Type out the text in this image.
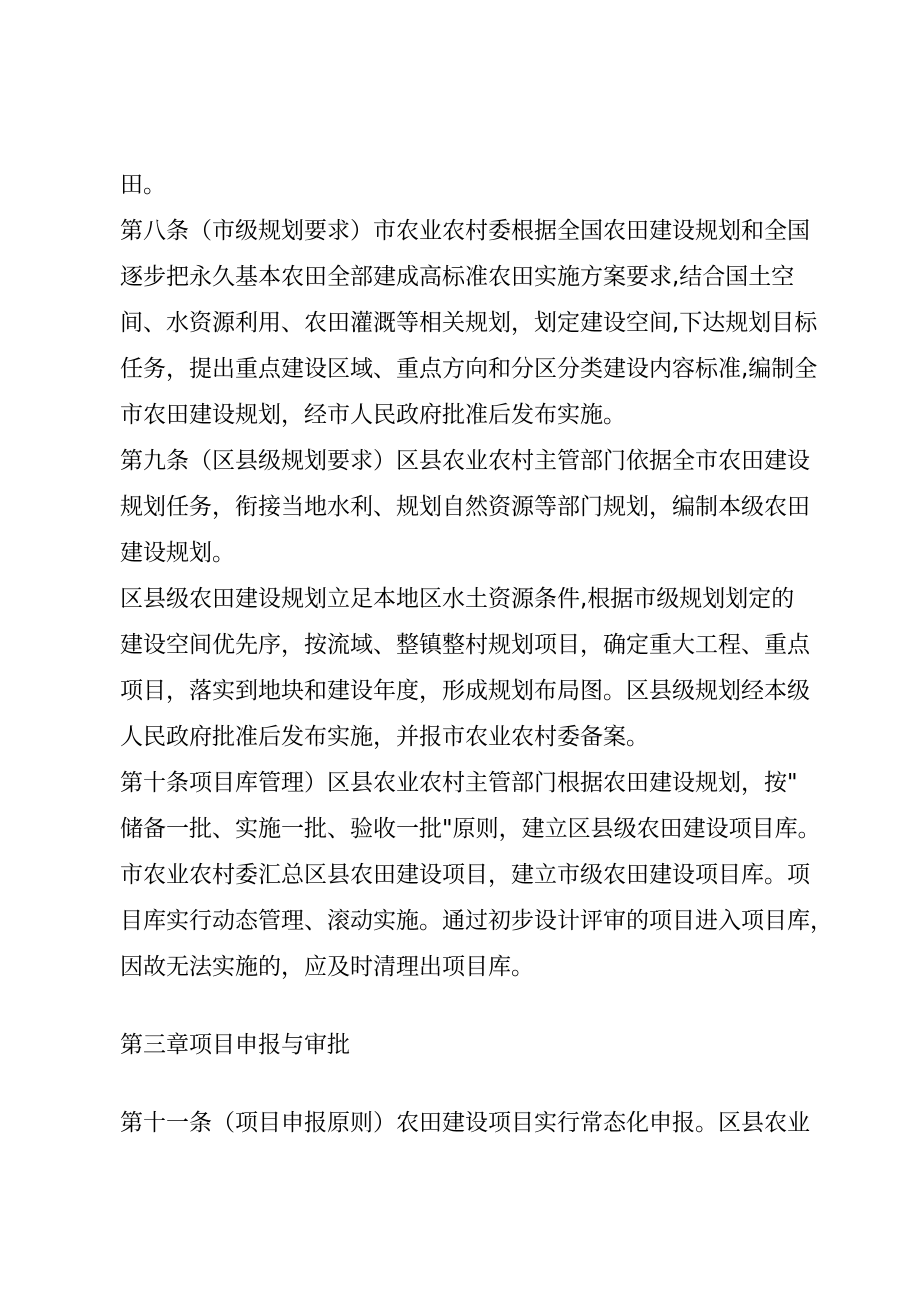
田。
第八条（市级规划要求）市农业农村委根据全国农田建设规划和全国
逐步把永久基本农田全部建成高标准农田实施方案要求,结合国土空
间、水资源利用、农田灌溉等相关规划，划定建设空间,下达规划目标
任务，提出重点建设区域、重点方向和分区分类建设内容标准,编制全
市农田建设规划，经市人民政府批准后发布实施。
第九条（区县级规划要求）区县农业农村主管部门依据全市农田建设
规划任务，衔接当地水利、规划自然资源等部门规划，编制本级农田
建设规划。
区县级农田建设规划立足本地区水土资源条件,根据市级规划划定的
建设空间优先序，按流域、整镇整村规划项目，确定重大工程、重点
项目，落实到地块和建设年度，形成规划布局图。区县级规划经本级
人民政府批准后发布实施，并报市农业农村委备案。
第十条项目库管理）区县农业农村主管部门根据农田建设规划，按"
储备一批、实施一批、验收一批"原则，建立区县级农田建设项目库。
市农业农村委汇总区县农田建设项目，建立市级农田建设项目库。项
目库实行动态管理、滚动实施。通过初步设计评审的项目进入项目库，
因故无法实施的，应及时清理出项目库。
第三章项目申报与审批
第十一条（项目申报原则）农田建设项目实行常态化申报。区县农业
